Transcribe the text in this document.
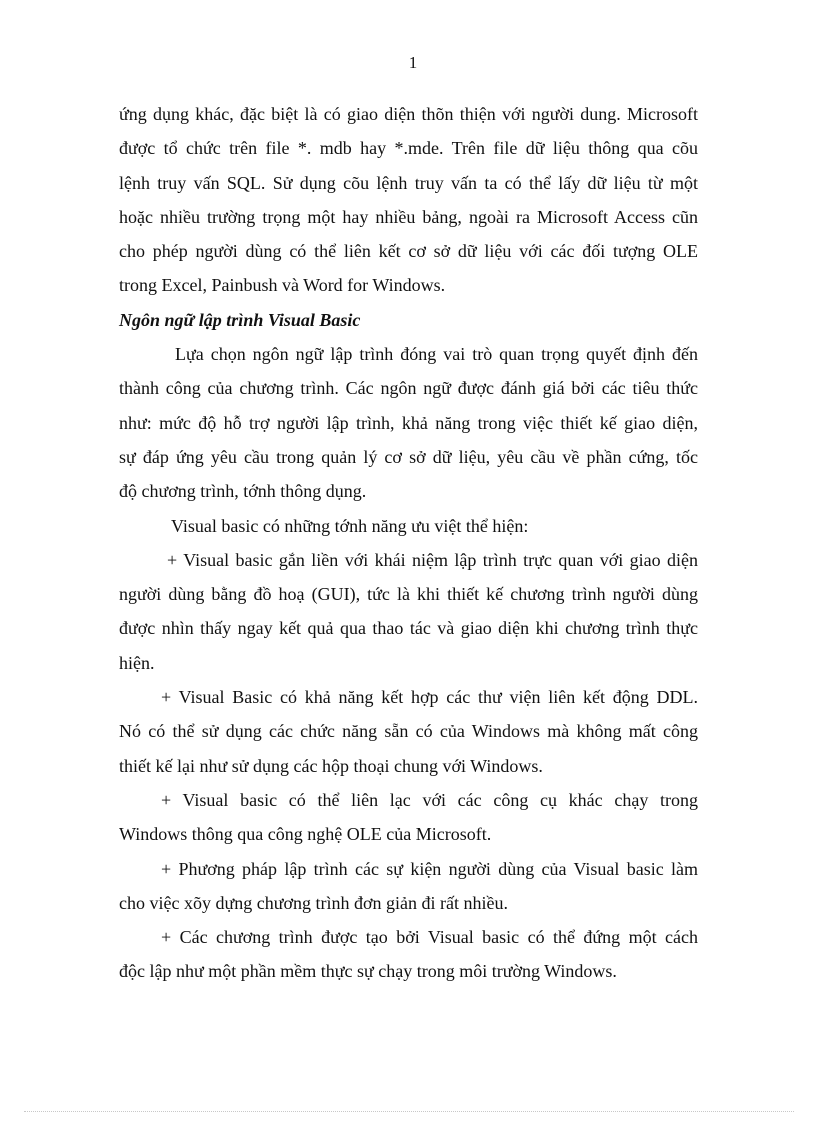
1

ứng dụng khác, đặc biệt là có giao diện thõn thiện với người dung. Microsoft
được tổ chức trên file *. mdb hay *.mde. Trên file dữ liệu thông qua cõu
lệnh truy vấn SQL. Sử dụng cõu lệnh truy vấn ta có thể lấy dữ liệu từ một
hoặc nhiều trường trọng một hay nhiều bảng, ngoài ra Microsoft Access cũn
cho phép người dùng có thể liên kết cơ sở dữ liệu với các đối tượng OLE
trong Excel, Painbush và Word for Windows.

Ngôn ngữ lập trình Visual Basic

Lựa chọn ngôn ngữ lập trình đóng vai trò quan trọng quyết định đến
thành công của chương trình. Các ngôn ngữ được đánh giá bởi các tiêu thức
như: mức độ hỗ trợ người lập trình, khả năng trong việc thiết kế giao diện,
sự đáp ứng yêu cầu trong quản lý cơ sở dữ liệu, yêu cầu về phần cứng, tốc
độ chương trình, tớnh thông dụng.

Visual basic có những tớnh năng ưu việt thể hiện:

+ Visual basic gắn liền với khái niệm lập trình trực quan với giao diện
người dùng bằng đồ hoạ (GUI), tức là khi thiết kế chương trình người dùng
được nhìn thấy ngay kết quả qua thao tác và giao diện khi chương trình thực
hiện.

+ Visual Basic có khả năng kết hợp các thư viện liên kết động DDL.
Nó có thể sử dụng các chức năng sẵn có của Windows mà không mất công
thiết kế lại như sử dụng các hộp thoại chung với Windows.

+ Visual basic có thể liên lạc với các công cụ khác chạy trong
Windows thông qua công nghệ OLE của Microsoft.

+ Phương pháp lập trình các sự kiện người dùng của Visual basic làm
cho việc xõy dựng chương trình đơn giản đi rất nhiều.

+ Các chương trình được tạo bởi Visual basic có thể đứng một cách
độc lập như một phần mềm thực sự chạy trong môi trường Windows.
